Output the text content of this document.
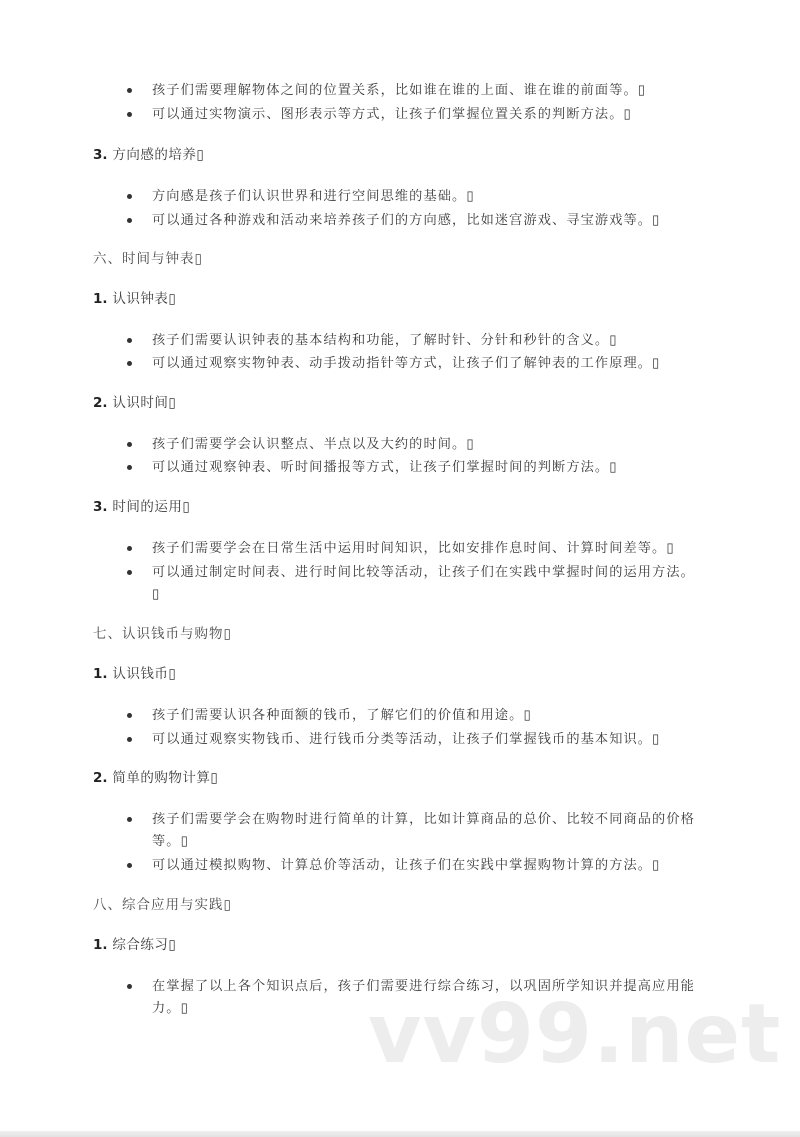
孩子们需要理解物体之间的位置关系，比如谁在谁的上面、谁在谁的前面等。▯
可以通过实物演示、图形表示等方式，让孩子们掌握位置关系的判断方法。▯
3. 方向感的培养▯
方向感是孩子们认识世界和进行空间思维的基础。▯
可以通过各种游戏和活动来培养孩子们的方向感，比如迷宫游戏、寻宝游戏等。▯
六、时间与钟表▯
1. 认识钟表▯
孩子们需要认识钟表的基本结构和功能，了解时针、分针和秒针的含义。▯
可以通过观察实物钟表、动手拨动指针等方式，让孩子们了解钟表的工作原理。▯
2. 认识时间▯
孩子们需要学会认识整点、半点以及大约的时间。▯
可以通过观察钟表、听时间播报等方式，让孩子们掌握时间的判断方法。▯
3. 时间的运用▯
孩子们需要学会在日常生活中运用时间知识，比如安排作息时间、计算时间差等。▯
可以通过制定时间表、进行时间比较等活动，让孩子们在实践中掌握时间的运用方法。▯
七、认识钱币与购物▯
1. 认识钱币▯
孩子们需要认识各种面额的钱币，了解它们的价值和用途。▯
可以通过观察实物钱币、进行钱币分类等活动，让孩子们掌握钱币的基本知识。▯
2. 简单的购物计算▯
孩子们需要学会在购物时进行简单的计算，比如计算商品的总价、比较不同商品的价格等。▯
可以通过模拟购物、计算总价等活动，让孩子们在实践中掌握购物计算的方法。▯
八、综合应用与实践▯
1. 综合练习▯
在掌握了以上各个知识点后，孩子们需要进行综合练习，以巩固所学知识并提高应用能力。▯	vv99.net
